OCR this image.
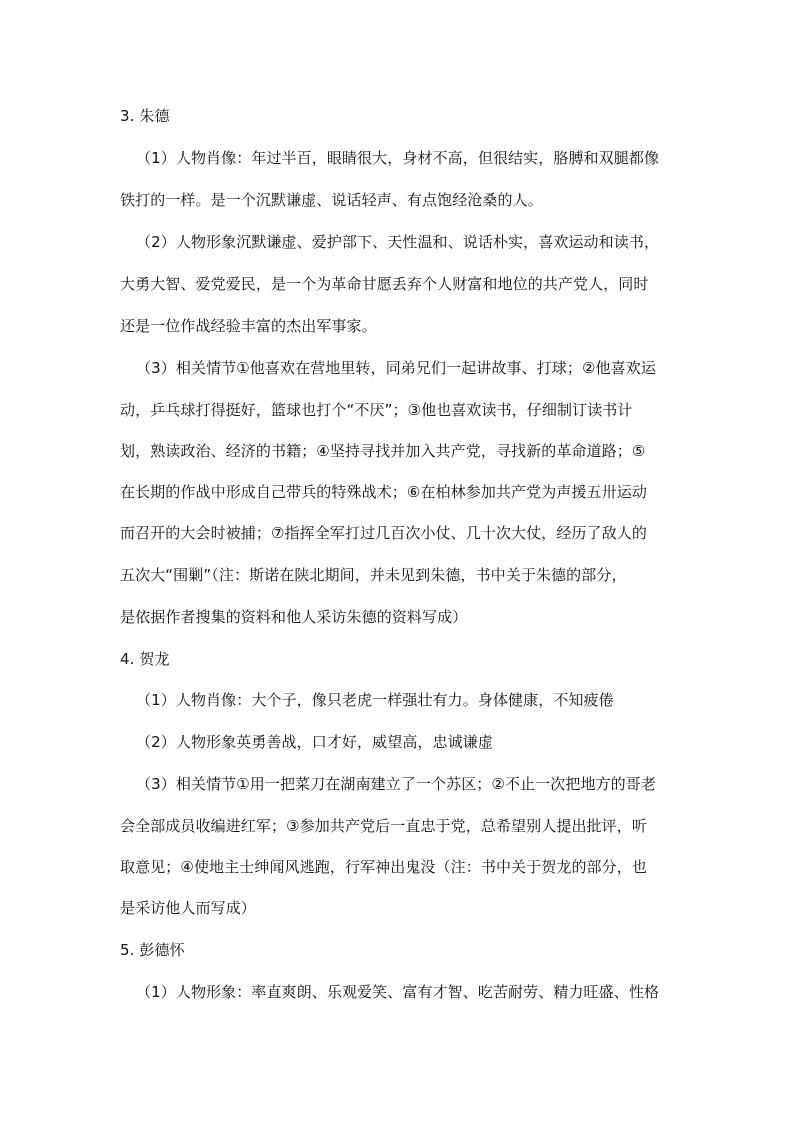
3. 朱德
（1）人物肖像：年过半百，眼睛很大，身材不高，但很结实，胳膊和双腿都像
铁打的一样。是一个沉默谦虚、说话轻声、有点饱经沧桑的人。
（2）人物形象沉默谦虚、爱护部下、天性温和、说话朴实，喜欢运动和读书，
大勇大智、爱党爱民，是一个为革命甘愿丢弃个人财富和地位的共产党人，同时
还是一位作战经验丰富的杰出军事家。
（3）相关情节①他喜欢在营地里转，同弟兄们一起讲故事、打球；②他喜欢运
动，乒乓球打得挺好，篮球也打个“不厌”；③他也喜欢读书，仔细制订读书计
划，熟读政治、经济的书籍；④坚持寻找并加入共产党，寻找新的革命道路；⑤
在长期的作战中形成自己带兵的特殊战术；⑥在柏林参加共产党为声援五卅运动
而召开的大会时被捕；⑦指挥全军打过几百次小仗、几十次大仗，经历了敌人的
五次大“围剿”（注：斯诺在陕北期间，并未见到朱德，书中关于朱德的部分，
是依据作者搜集的资料和他人采访朱德的资料写成）
4. 贺龙
（1）人物肖像：大个子，像只老虎一样强壮有力。身体健康，不知疲倦
（2）人物形象英勇善战，口才好，威望高，忠诚谦虚
（3）相关情节①用一把菜刀在湖南建立了一个苏区；②不止一次把地方的哥老
会全部成员收编进红军；③参加共产党后一直忠于党，总希望别人提出批评，听
取意见；④使地主士绅闻风逃跑，行军神出鬼没（注：书中关于贺龙的部分，也
是采访他人而写成）
5. 彭德怀
（1）人物形象：率直爽朗、乐观爱笑、富有才智、吃苦耐劳、精力旺盛、性格
